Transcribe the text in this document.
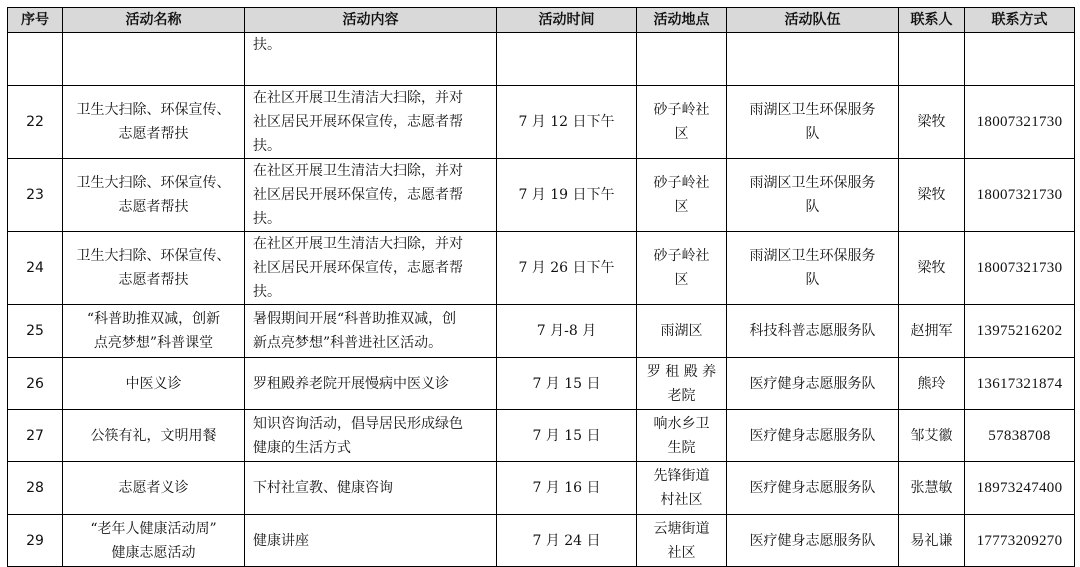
序号	活动名称	活动内容	活动时间	活动地点	活动队伍	联系人	联系方式

		扶。					

22	卫生大扫除、环保宣传、
志愿者帮扶	在社区开展卫生清洁大扫除，并对
社区居民开展环保宣传，志愿者帮
扶。	7 月 12 日下午	砂子岭社
区	雨湖区卫生环保服务
队	梁牧	18007321730
23	卫生大扫除、环保宣传、
志愿者帮扶	在社区开展卫生清洁大扫除，并对
社区居民开展环保宣传，志愿者帮
扶。	7 月 19 日下午	砂子岭社
区	雨湖区卫生环保服务
队	梁牧	18007321730
24	卫生大扫除、环保宣传、
志愿者帮扶	在社区开展卫生清洁大扫除，并对
社区居民开展环保宣传，志愿者帮
扶。	7 月 26 日下午	砂子岭社
区	雨湖区卫生环保服务
队	梁牧	18007321730
25	“科普助推双减，创新
点亮梦想”科普课堂	暑假期间开展“科普助推双减，创
新点亮梦想”科普进社区活动。	7 月-8 月	雨湖区	科技科普志愿服务队	赵拥军	13975216202
26	中医义诊	罗租殿养老院开展慢病中医义诊	7 月 15 日	罗 租 殿 养
老院	医疗健身志愿服务队	熊玲	13617321874
27	公筷有礼，文明用餐	知识咨询活动，倡导居民形成绿色
健康的生活方式	7 月 15 日	响水乡卫
生院	医疗健身志愿服务队	邹艾徽	57838708
28	志愿者义诊	下村社宣教、健康咨询	7 月 16 日	先锋街道
村社区	医疗健身志愿服务队	张慧敏	18973247400
29	“老年人健康活动周”
健康志愿活动	健康讲座	7 月 24 日	云塘街道
社区	医疗健身志愿服务队	易礼谦	17773209270
